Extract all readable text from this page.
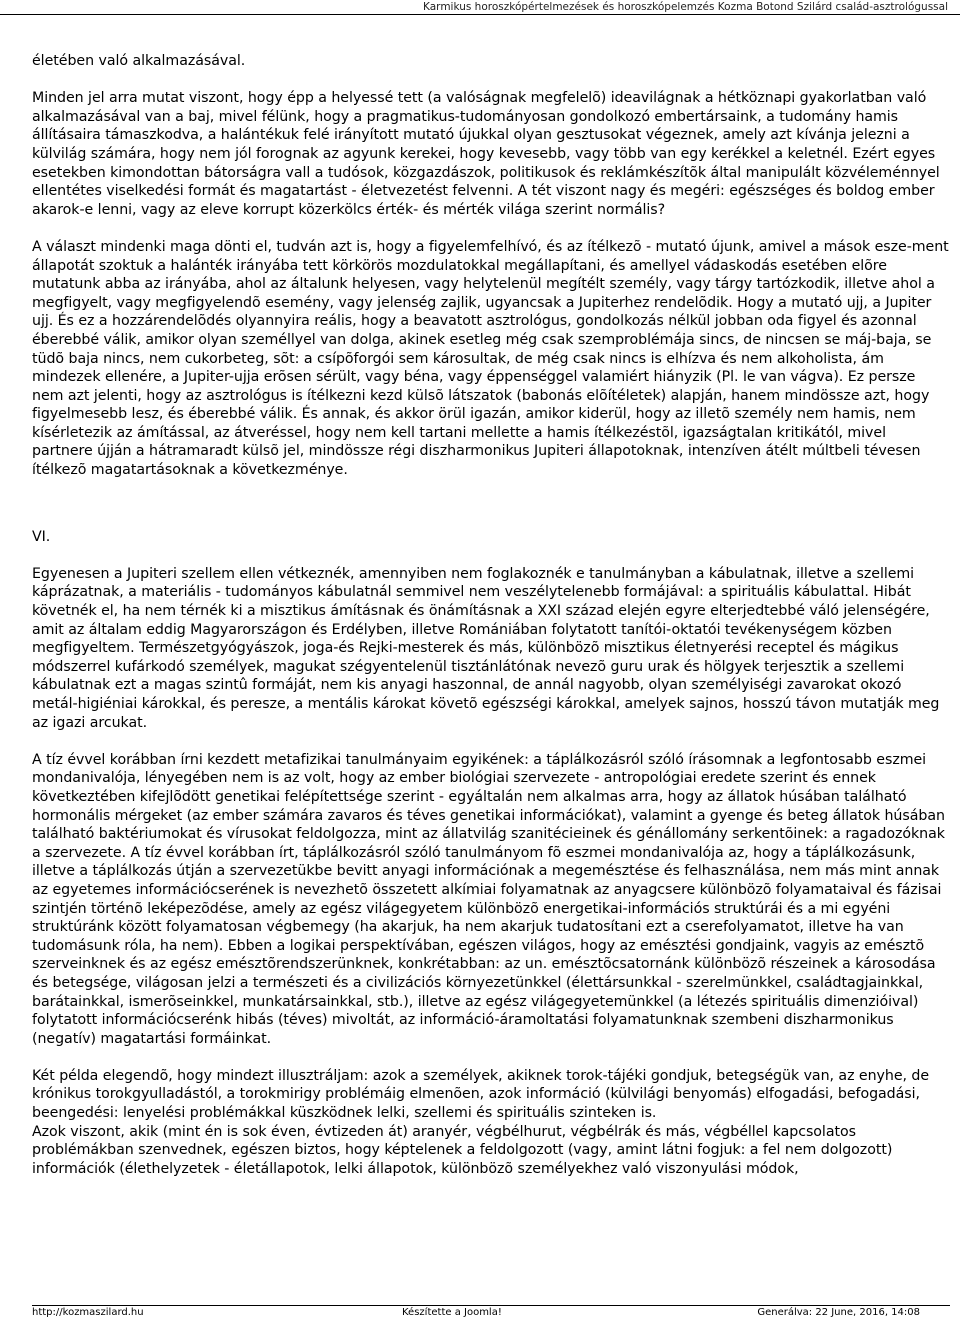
Karmikus horoszkópértelmezések és horoszkópelemzés Kozma Botond Szilárd család-asztrológussal

életében való alkalmazásával.

Minden jel arra mutat viszont, hogy épp a helyessé tett (a valóságnak megfelelõ) ideavilágnak a hétköznapi gyakorlatban való alkalmazásával van a baj, mivel félünk, hogy a pragmatikus-tudományosan gondolkozó embertársaink, a tudomány hamis állításaira támaszkodva, a halántékuk felé irányított mutató újukkal olyan gesztusokat végeznek, amely azt kívánja jelezni a külvilág számára, hogy nem jól forognak az agyunk kerekei, hogy kevesebb, vagy több van egy kerékkel a keletnél. Ezért egyes esetekben kimondottan bátorságra vall a tudósok, közgazdászok, politikusok és reklámkészítõk által manipulált közvéleménnyel ellentétes viselkedési formát és magatartást - életvezetést felvenni. A tét viszont nagy és megéri: egészséges és boldog ember akarok-e lenni, vagy az eleve korrupt közerkölcs érték- és mérték világa szerint normális?

A választ mindenki maga dönti el, tudván azt is, hogy a figyelemfelhívó, és az ítélkezõ - mutató újunk, amivel a mások esze-ment állapotát szoktuk a halánték irányába tett körkörös mozdulatokkal megállapítani, és amellyel vádaskodás esetében elõre mutatunk abba az irányába, ahol az általunk helyesen, vagy helytelenül megítélt személy, vagy tárgy tartózkodik, illetve ahol a megfigyelt, vagy megfigyelendõ esemény, vagy jelenség zajlik, ugyancsak a Jupiterhez rendelõdik. Hogy a mutató ujj, a Jupiter ujj. És ez a hozzárendelõdés olyannyira reális, hogy a beavatott asztrológus, gondolkozás nélkül jobban oda figyel és azonnal éberebbé válik, amikor olyan személlyel van dolga, akinek esetleg még csak szemproblémája sincs, de nincsen se máj-baja, se tüdõ baja nincs, nem cukorbeteg, sõt: a csípõforgói sem károsultak, de még csak nincs is elhízva és nem alkoholista, ám mindezek ellenére, a Jupiter-ujja erõsen sérült, vagy béna, vagy éppenséggel valamiért hiányzik (Pl. le van vágva). Ez persze nem azt jelenti, hogy az asztrológus is ítélkezni kezd külsõ látszatok (babonás elõítéletek) alapján, hanem mindössze azt, hogy figyelmesebb lesz, és éberebbé válik. És annak, és akkor örül igazán, amikor kiderül, hogy az illetõ személy nem hamis, nem kísérletezik az ámítással, az átveréssel, hogy nem kell tartani mellette a hamis ítélkezéstõl, igazságtalan kritikától, mivel partnere újján a hátramaradt külsõ jel, mindössze régi diszharmonikus Jupiteri állapotoknak, intenzíven átélt múltbeli tévesen ítélkezõ magatartásoknak a következménye.

VI.

Egyenesen a Jupiteri szellem ellen vétkeznék, amennyiben nem foglakoznék e tanulmányban a kábulatnak, illetve a szellemi káprázatnak, a materiális - tudományos kábulatnál semmivel nem veszélytelenebb formájával: a spirituális kábulattal. Hibát követnék el, ha nem térnék ki a misztikus ámításnak és önámításnak a XXI század elején egyre elterjedtebbé váló jelenségére, amit az általam eddig Magyarországon és Erdélyben, illetve Romániában folytatott tanítói-oktatói tevékenységem közben megfigyeltem. Természetgyógyászok, joga-és Rejki-mesterek és más, különbözõ misztikus életnyerési receptel és mágikus módszerrel kufárkodó személyek, magukat szégyentelenül tisztánlátónak nevezõ guru urak és hölgyek terjesztik a szellemi kábulatnak ezt a magas szintû formáját, nem kis anyagi haszonnal, de annál nagyobb, olyan személyiségi zavarokat okozó metál-higiéniai károkkal, és peresze, a mentális károkat követõ egészségi károkkal, amelyek sajnos, hosszú távon mutatják meg az igazi arcukat.

A tíz évvel korábban írni kezdett metafizikai tanulmányaim egyikének: a táplálkozásról szóló írásomnak a legfontosabb eszmei mondanivalója, lényegében nem is az volt, hogy az ember biológiai szervezete - antropológiai eredete szerint és ennek következtében kifejlõdött genetikai felépítettsége szerint - egyáltalán nem alkalmas arra, hogy az állatok húsában található hormonális mérgeket (az ember számára zavaros és téves genetikai információkat), valamint a gyenge és beteg állatok húsában található baktériumokat és vírusokat feldolgozza, mint az állatvilág szanitécieinek és génállomány serkentõinek: a ragadozóknak a szervezete. A tíz évvel korábban írt, táplálkozásról szóló tanulmányom fõ eszmei mondanivalója az, hogy a táplálkozásunk, illetve a táplálkozás útján a szervezetükbe bevitt anyagi információnak a megemésztése és felhasználása, nem más mint annak az egyetemes információcserének is nevezhetõ összetett alkímiai folyamatnak az anyagcsere különbözõ folyamataival és fázisai szintjén történõ leképezõdése, amely az egész világegyetem különbözõ energetikai-információs struktúrái és a mi egyéni struktúránk között folyamatosan végbemegy (ha akarjuk, ha nem akarjuk tudatosítani ezt a cserefolyamatot, illetve ha van tudomásunk róla, ha nem). Ebben a logikai perspektívában, egészen világos, hogy az emésztési gondjaink, vagyis az emésztõ szerveinknek és az egész emésztõrendszerünknek, konkrétabban: az un. emésztõcsatornánk különbözõ részeinek a károsodása és betegsége, világosan jelzi a természeti és a civilizációs környezetünkkel (élettársunkkal - szerelmünkkel, családtagjainkkal, barátainkkal, ismerõseinkkel, munkatársainkkal, stb.), illetve az egész világegyetemünkkel (a létezés spirituális dimenzióival) folytatott információcserénk hibás (téves) mivoltát, az információ-áramoltatási folyamatunknak szembeni diszharmonikus (negatív) magatartási formáinkat.

Két példa elegendõ, hogy mindezt illusztráljam: azok a személyek, akiknek torok-tájéki gondjuk, betegségük van, az enyhe, de krónikus torokgyulladástól, a torokmirigy problémáig elmenõen, azok információ (külvilági benyomás) elfogadási, befogadási, beengedési: lenyelési problémákkal küszködnek lelki, szellemi és spirituális szinteken is.

Azok viszont, akik (mint én is sok éven, évtizeden át) aranyér, végbélhurut, végbélrák és más, végbéllel kapcsolatos problémákban szenvednek, egészen biztos, hogy képtelenek a feldolgozott (vagy, amint látni fogjuk: a fel nem dolgozott) információk (élethelyzetek - életállapotok, lelki állapotok, különbözõ személyekhez való viszonyulási módok,

http://kozmaszilard.hu	Készítette a Joomla!	Generálva: 22 June, 2016, 14:08
